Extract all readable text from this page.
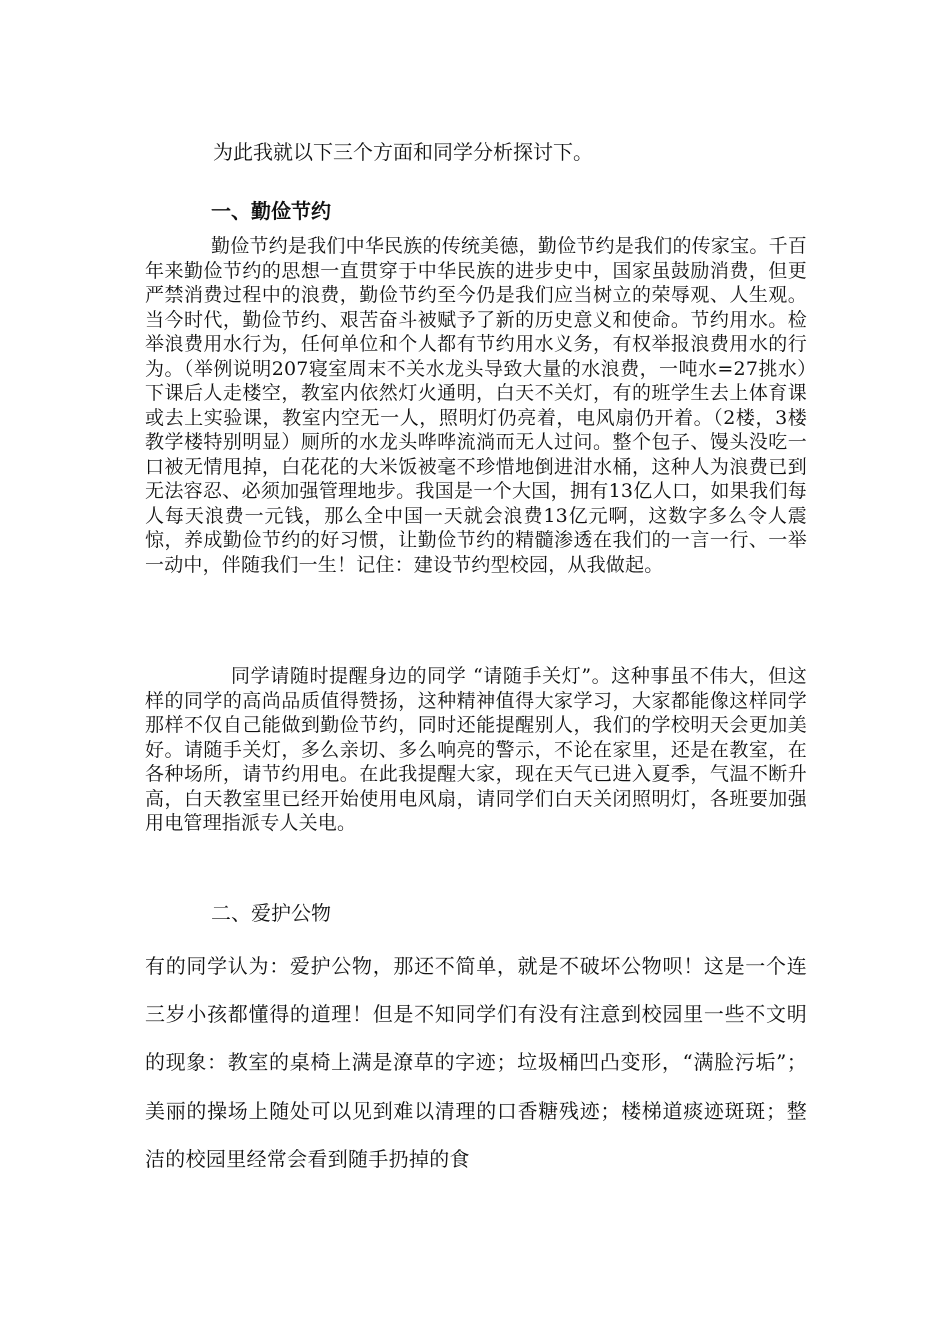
为此我就以下三个方面和同学分析探讨下。

一、勤俭节约

勤俭节约是我们中华民族的传统美德，勤俭节约是我们的传家宝。千百年来勤俭节约的思想一直贯穿于中华民族的进步史中，国家虽鼓励消费，但更严禁消费过程中的浪费，勤俭节约至今仍是我们应当树立的荣辱观、人生观。当今时代，勤俭节约、艰苦奋斗被赋予了新的历史意义和使命。节约用水。检举浪费用水行为，任何单位和个人都有节约用水义务，有权举报浪费用水的行为。（举例说明207寝室周末不关水龙头导致大量的水浪费，一吨水=27挑水）下课后人走楼空，教室内依然灯火通明，白天不关灯，有的班学生去上体育课或去上实验课，教室内空无一人，照明灯仍亮着，电风扇仍开着。（2楼，3楼教学楼特别明显）厕所的水龙头哗哗流淌而无人过问。整个包子、馒头没吃一口被无情甩掉，白花花的大米饭被毫不珍惜地倒进泔水桶，这种人为浪费已到无法容忍、必须加强管理地步。我国是一个大国，拥有13亿人口，如果我们每人每天浪费一元钱，那么全中国一天就会浪费13亿元啊，这数字多么令人震惊，养成勤俭节约的好习惯，让勤俭节约的精髓渗透在我们的一言一行、一举一动中，伴随我们一生！记住：建设节约型校园，从我做起。

同学请随时提醒身边的同学 “请随手关灯”。这种事虽不伟大，但这样的同学的高尚品质值得赞扬，这种精神值得大家学习，大家都能像这样同学那样不仅自己能做到勤俭节约，同时还能提醒别人，我们的学校明天会更加美好。请随手关灯，多么亲切、多么响亮的警示，不论在家里，还是在教室，在各种场所，请节约用电。在此我提醒大家，现在天气已进入夏季，气温不断升高，白天教室里已经开始使用电风扇，请同学们白天关闭照明灯，各班要加强用电管理指派专人关电。

二、爱护公物

有的同学认为：爱护公物，那还不简单，就是不破坏公物呗！这是一个连三岁小孩都懂得的道理！但是不知同学们有没有注意到校园里一些不文明的现象：教室的桌椅上满是潦草的字迹；垃圾桶凹凸变形，“满脸污垢”；美丽的操场上随处可以见到难以清理的口香糖残迹；楼梯道痰迹斑斑；整洁的校园里经常会看到随手扔掉的食
